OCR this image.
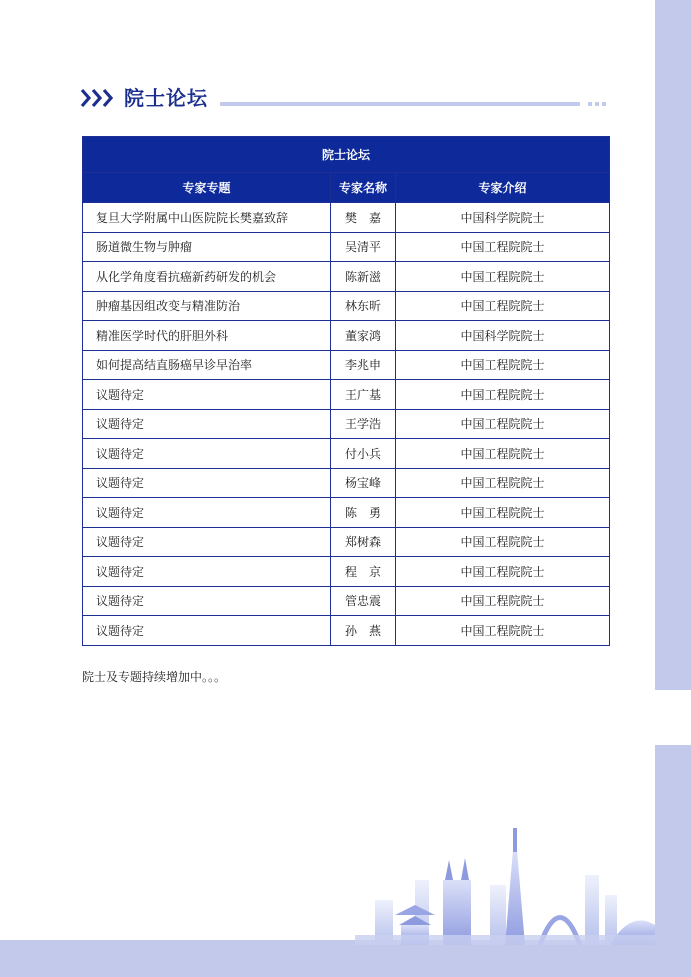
院士论坛
院士论坛		
专家专题	专家名称	专家介绍
复旦大学附属中山医院院长樊嘉致辞	樊　嘉	中国科学院院士
肠道微生物与肿瘤	吴清平	中国工程院院士
从化学角度看抗癌新药研发的机会	陈新滋	中国工程院院士
肿瘤基因组改变与精准防治	林东昕	中国工程院院士
精准医学时代的肝胆外科	董家鸿	中国科学院院士
如何提高结直肠癌早诊早治率	李兆申	中国工程院院士
议题待定	王广基	中国工程院院士
议题待定	王学浩	中国工程院院士
议题待定	付小兵	中国工程院院士
议题待定	杨宝峰	中国工程院院士
议题待定	陈　勇	中国工程院院士
议题待定	郑树森	中国工程院院士
议题待定	程　京	中国工程院院士
议题待定	管忠震	中国工程院院士
议题待定	孙　燕	中国工程院院士
院士及专题持续增加中。。。
